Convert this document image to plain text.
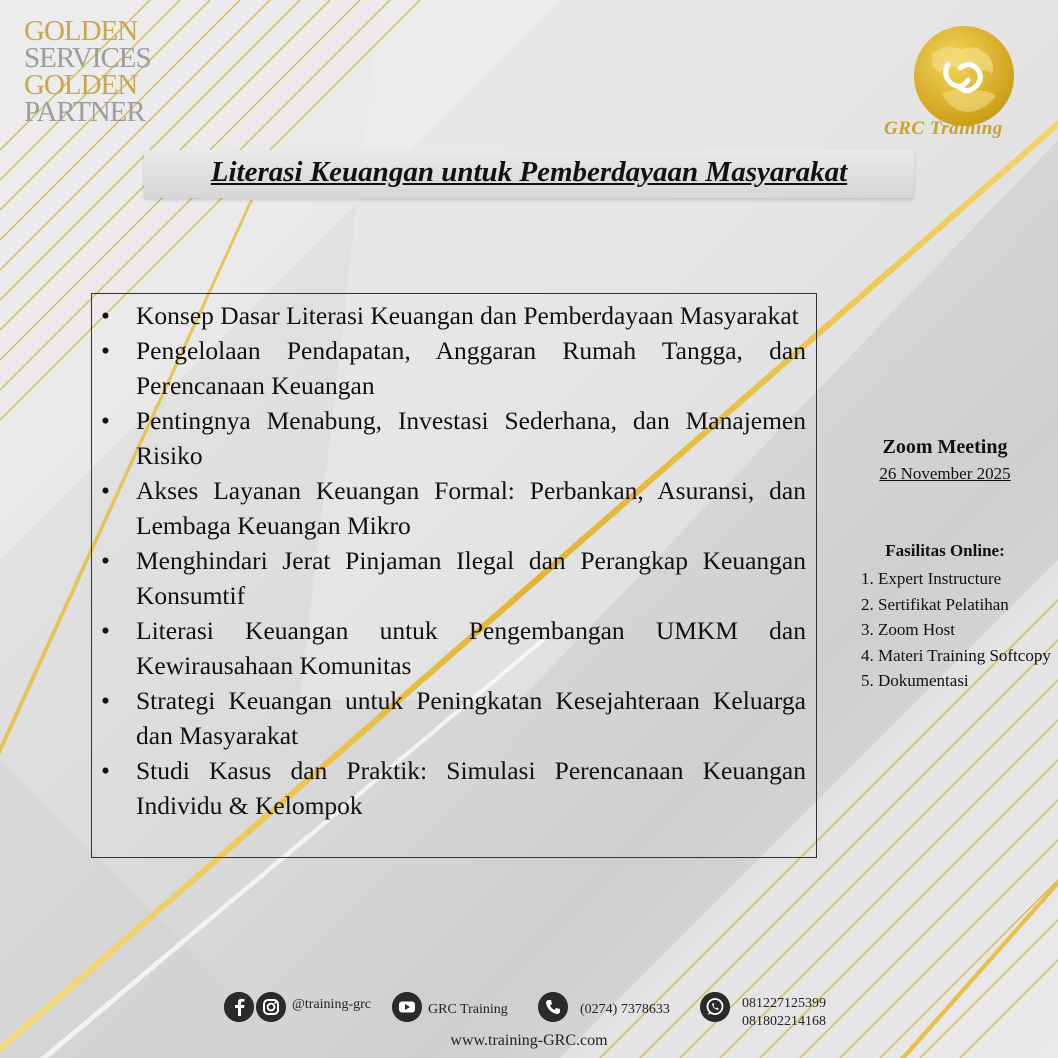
GOLDEN
SERVICES
GOLDEN
PARTNER
GRC Training
Literasi Keuangan untuk Pemberdayaan Masyarakat
• Konsep Dasar Literasi Keuangan dan Pemberdayaan Masyarakat
• Pengelolaan Pendapatan, Anggaran Rumah Tangga, dan Perencanaan Keuangan
• Pentingnya Menabung, Investasi Sederhana, dan Manajemen Risiko
• Akses Layanan Keuangan Formal: Perbankan, Asuransi, dan Lembaga Keuangan Mikro
• Menghindari Jerat Pinjaman Ilegal dan Perangkap Keuangan Konsumtif
• Literasi Keuangan untuk Pengembangan UMKM dan Kewirausahaan Komunitas
• Strategi Keuangan untuk Peningkatan Kesejahteraan Keluarga dan Masyarakat
• Studi Kasus dan Praktik: Simulasi Perencanaan Keuangan Individu & Kelompok
Zoom Meeting
26 November 2025
Fasilitas Online:
1. Expert Instructure
2. Sertifikat Pelatihan
3. Zoom Host
4. Materi Training Softcopy
5. Dokumentasi
@training-grc	GRC Training	(0274) 7378633	081227125399
081802214168
www.training-GRC.com
